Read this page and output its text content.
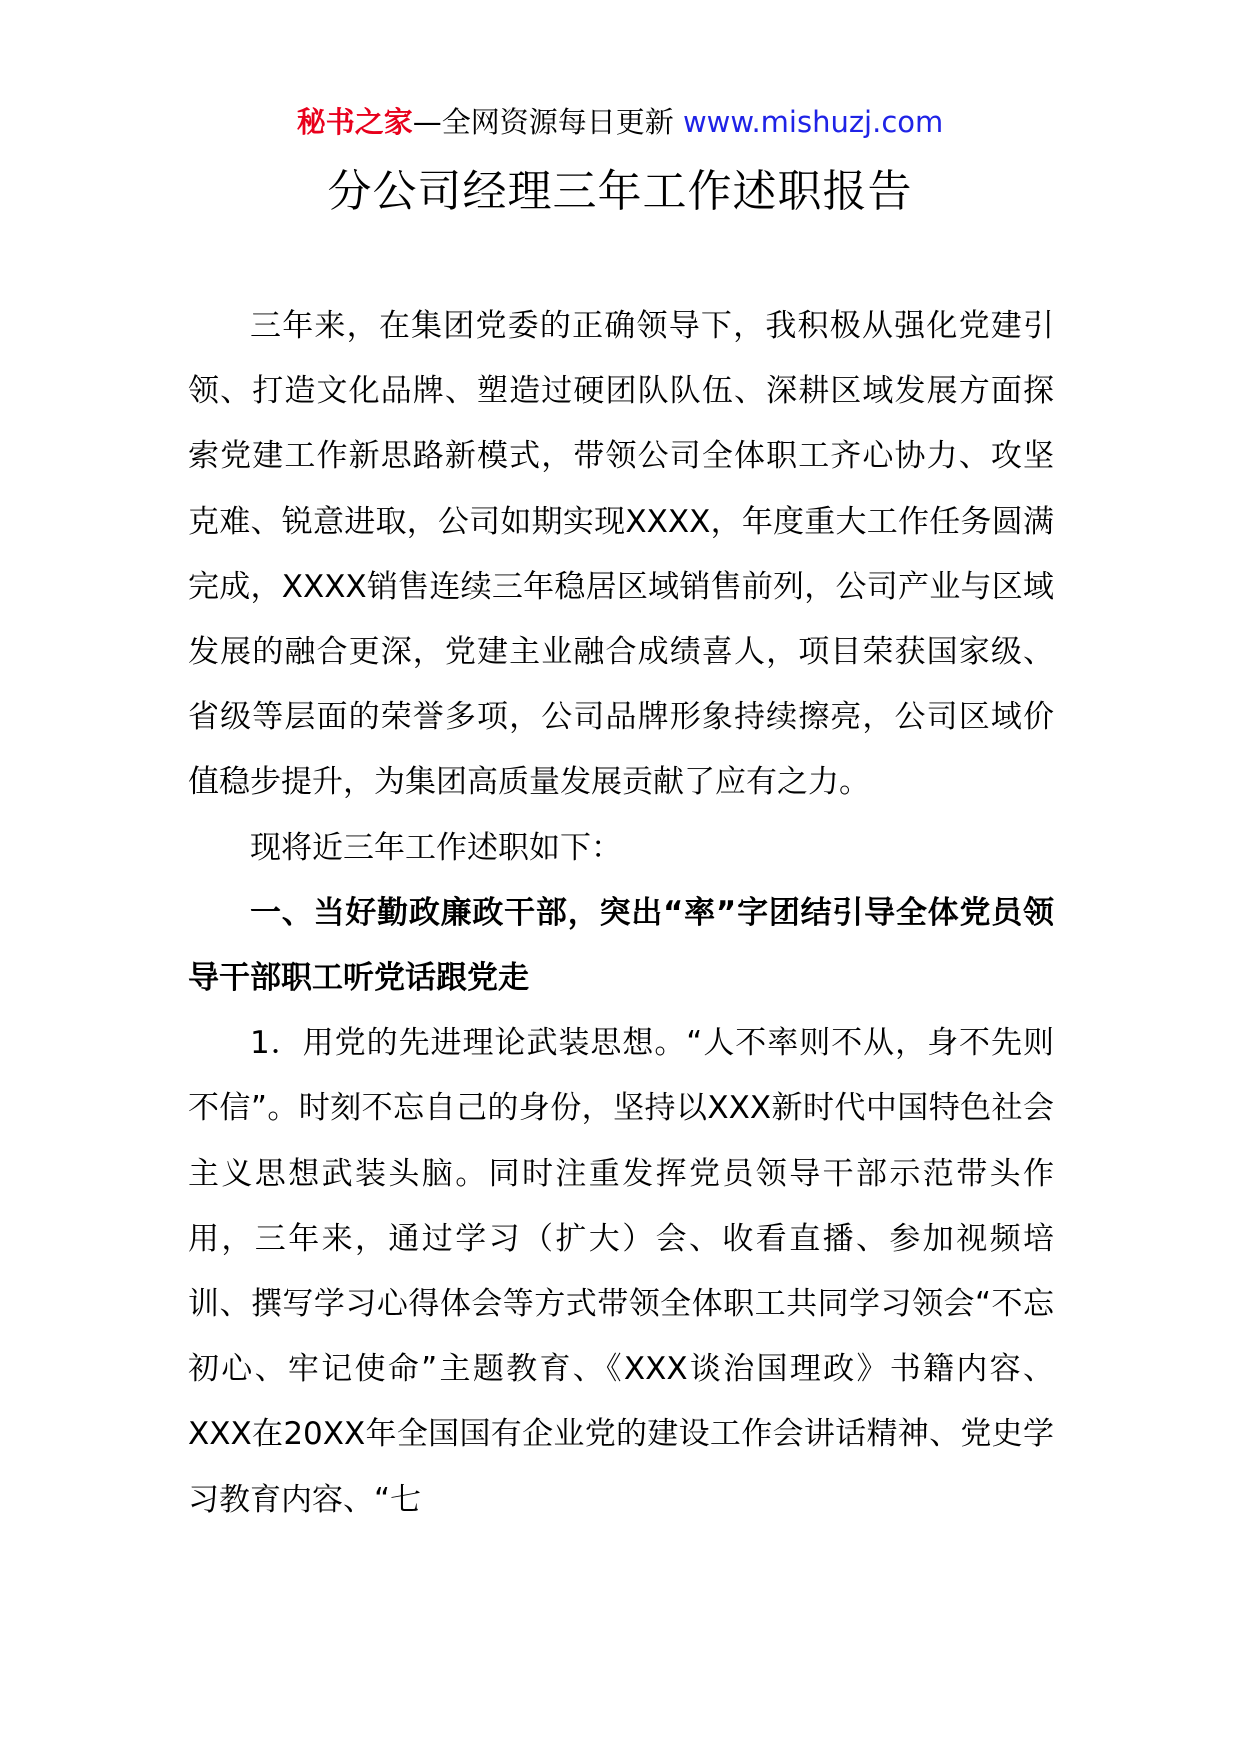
秘书之家—全网资源每日更新 www.mishuzj.com
分公司经理三年工作述职报告

三年来，在集团党委的正确领导下，我积极从强化党建引领、打造文化品牌、塑造过硬团队队伍、深耕区域发展方面探索党建工作新思路新模式，带领公司全体职工齐心协力、攻坚克难、锐意进取，公司如期实现XXXX，年度重大工作任务圆满完成，XXXX销售连续三年稳居区域销售前列，公司产业与区域发展的融合更深，党建主业融合成绩喜人，项目荣获国家级、省级等层面的荣誉多项，公司品牌形象持续擦亮，公司区域价值稳步提升，为集团高质量发展贡献了应有之力。

现将近三年工作述职如下：

一、当好勤政廉政干部，突出“率”字团结引导全体党员领导干部职工听党话跟党走

1．用党的先进理论武装思想。“人不率则不从，身不先则不信”。时刻不忘自己的身份，坚持以XXX新时代中国特色社会主义思想武装头脑。同时注重发挥党员领导干部示范带头作用，三年来，通过学习（扩大）会、收看直播、参加视频培训、撰写学习心得体会等方式带领全体职工共同学习领会“不忘初心、牢记使命”主题教育、《XXX谈治国理政》书籍内容、XXX在20XX年全国国有企业党的建设工作会讲话精神、党史学习教育内容、“七
